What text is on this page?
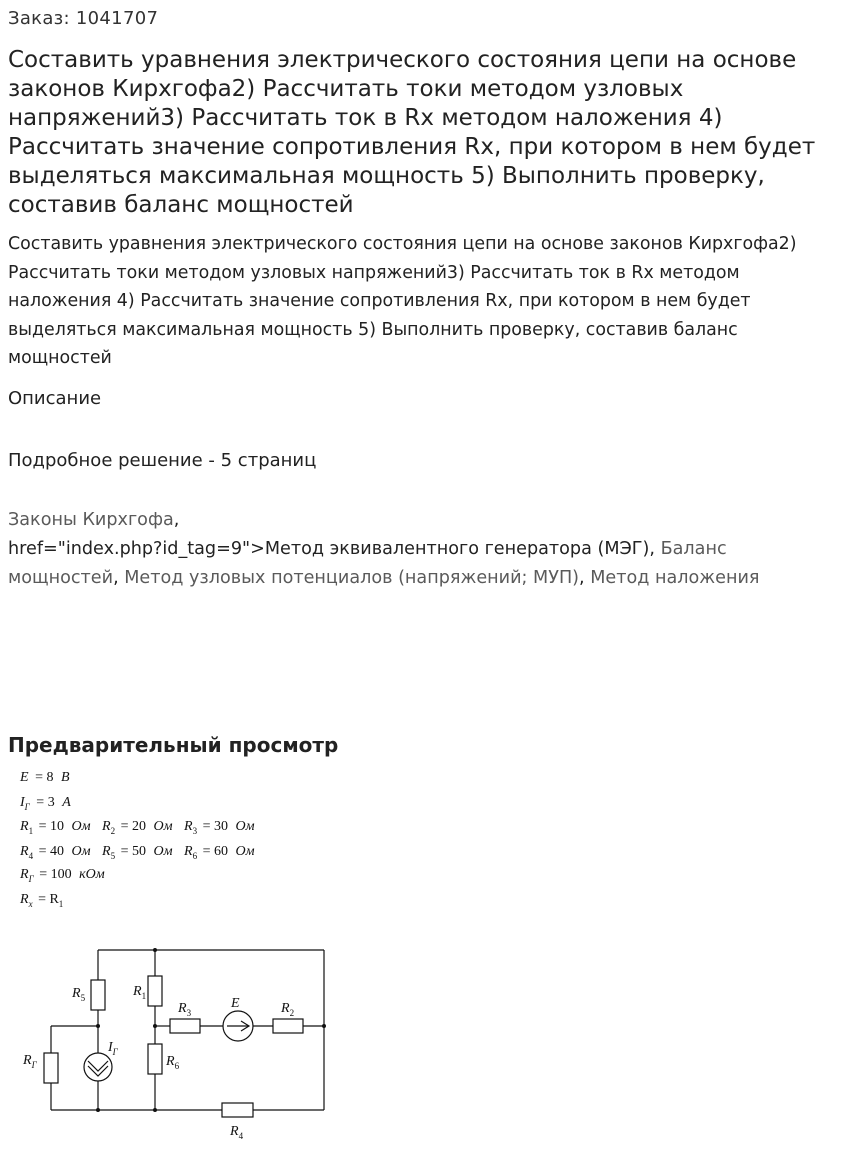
Заказ: 1041707
Составить уравнения электрического состояния цепи на основе законов Кирхгофа2) Рассчитать токи методом узловых напряжений3) Рассчитать ток в Rx методом наложения 4) Рассчитать значение сопротивления Rx, при котором в нем будет выделяться максимальная мощность 5) Выполнить проверку, составив баланс мощностей

Составить уравнения электрического состояния цепи на основе законов Кирхгофа2) Рассчитать токи методом узловых напряжений3) Рассчитать ток в Rx методом наложения 4) Рассчитать значение сопротивления Rx, при котором в нем будет выделяться максимальная мощность 5) Выполнить проверку, составив баланс мощностей

Описание
Подробное решение - 5 страниц
Законы Кирхгофа,
href="index.php?id_tag=9">Метод эквивалентного генератора (МЭГ), Баланс мощностей, Метод узловых потенциалов (напряжений; МУП), Метод наложения
Предварительный просмотр
E = 8 В
$I_Г = 3$ А
$R_1 = 10$ Ом $R_2 = 20$ Ом $R_3 = 30$ Ом
$R_4 = 40$ Ом $R_5 = 50$ Ом $R_6 = 60$ Ом
$R_Г = 100$ кОм
$R_x = R_1$
$R_5$	$R_1$
$R_3$
E	$R_2$
$R_Г$
$I_Г$
$R_6$
$R_4$
